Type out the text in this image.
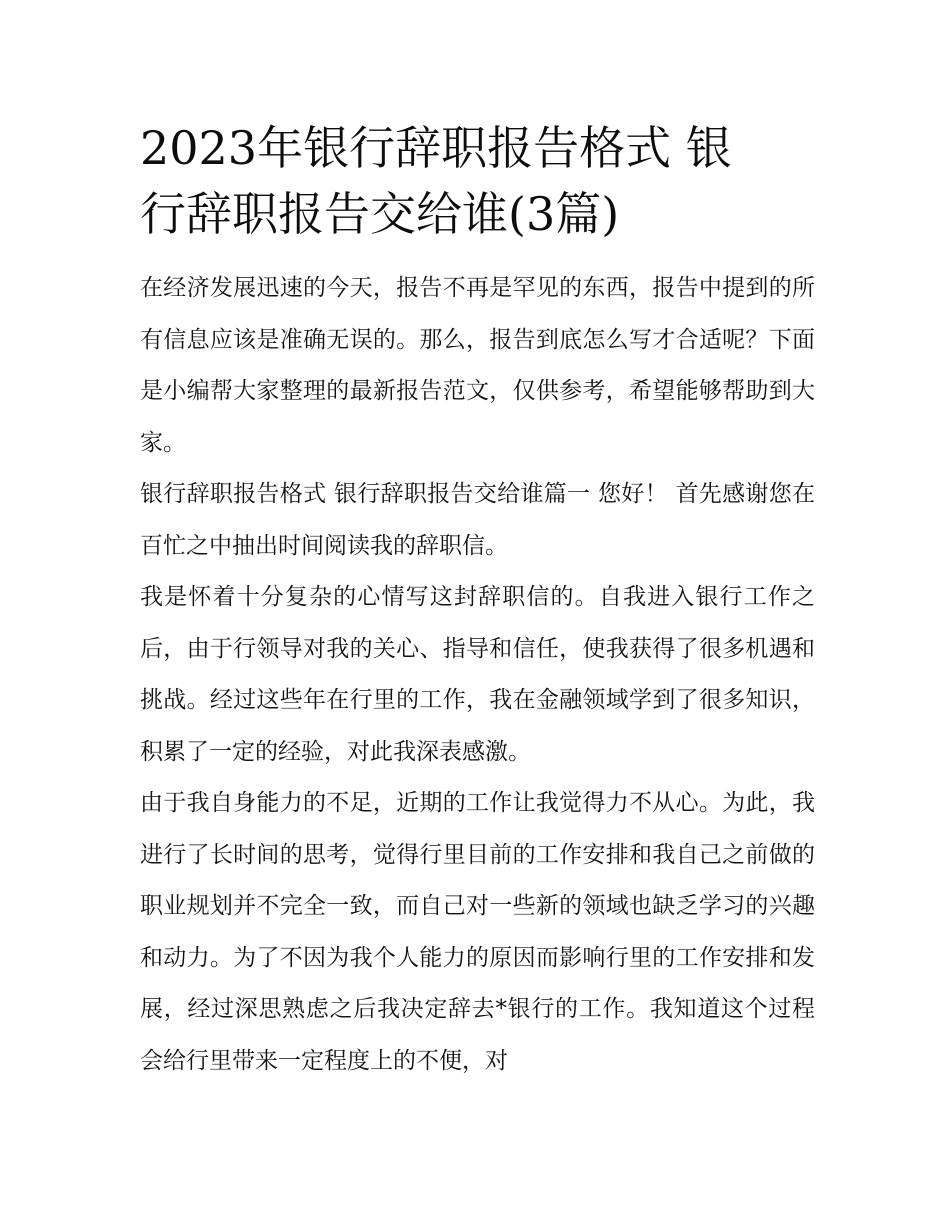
2023年银行辞职报告格式 银
行辞职报告交给谁(3篇)

在经济发展迅速的今天，报告不再是罕见的东西，报告中提到的所有信息应该是准确无误的。那么，报告到底怎么写才合适呢？下面是小编帮大家整理的最新报告范文，仅供参考，希望能够帮助到大家。

银行辞职报告格式 银行辞职报告交给谁篇一 您好！ 首先感谢您在百忙之中抽出时间阅读我的辞职信。

我是怀着十分复杂的心情写这封辞职信的。自我进入银行工作之后，由于行领导对我的关心、指导和信任，使我获得了很多机遇和挑战。经过这些年在行里的工作，我在金融领域学到了很多知识，积累了一定的经验，对此我深表感激。

由于我自身能力的不足，近期的工作让我觉得力不从心。为此，我进行了长时间的思考，觉得行里目前的工作安排和我自己之前做的职业规划并不完全一致，而自己对一些新的领域也缺乏学习的兴趣和动力。为了不因为我个人能力的原因而影响行里的工作安排和发展，经过深思熟虑之后我决定辞去*银行的工作。我知道这个过程会给行里带来一定程度上的不便，对
